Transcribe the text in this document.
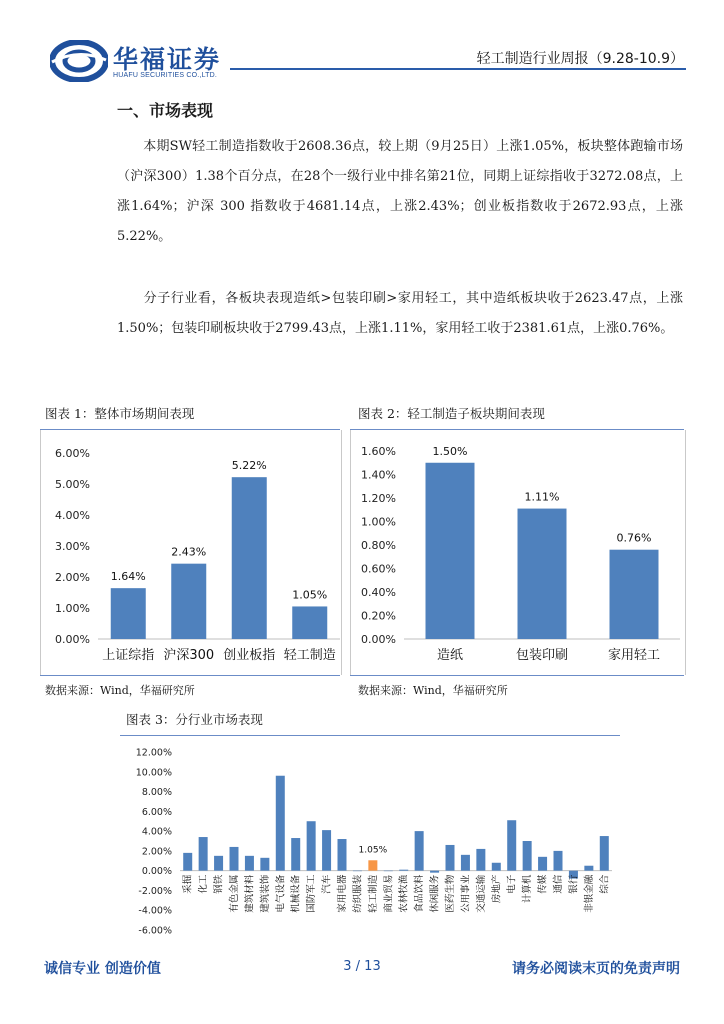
华福证券
HUAFU SECURITIES CO.,LTD.
轻工制造行业周报（9.28-10.9）
一、市场表现
本期SW轻工制造指数收于2608.36点，较上期（9月25日）上涨1.05%，板块整体跑输市场（沪深300）1.38个百分点，在28个一级行业中排名第21位，同期上证综指收于3272.08点，上涨1.64%；沪深 300 指数收于4681.14点，上涨2.43%；创业板指数收于2672.93点，上涨5.22%。
分子行业看，各板块表现造纸>包装印刷>家用轻工，其中造纸板块收于2623.47点，上涨1.50%；包装印刷板块收于2799.43点，上涨1.11%，家用轻工收于2381.61点，上涨0.76%。
图表 1：整体市场期间表现
0.00%
1.00%
2.00%
3.00%
4.00%
5.00%
6.00%
1.64%
上证综指
2.43%
沪深300
5.22%
创业板指
1.05%
轻工制造
数据来源：Wind，华福研究所
图表 2：轻工制造子板块期间表现
0.00%
0.20%
0.40%
0.60%
0.80%
1.00%
1.20%
1.40%
1.60%	1.50%
造纸
1.11%
包装印刷
0.76%
家用轻工
数据来源：Wind，华福研究所
图表 3：分行业市场表现
-6.00%
-4.00%
-2.00%
0.00%
2.00%
4.00%
6.00%
8.00%
10.00%
12.00%
采掘 化工 钢铁 有色金属 建筑材料 建筑装饰 电气设备 机械设备 国防军工 汽车 家用电器 纺织服装
1.05%
轻工制造 商业贸易 农林牧渔 食品饮料 休闲服务 医药生物 公用事业 交通运输 房地产 电子 计算机 传媒 通信 银行 非银金融 综合
诚信专业 创造价值	3 / 13	请务必阅读末页的免责声明
